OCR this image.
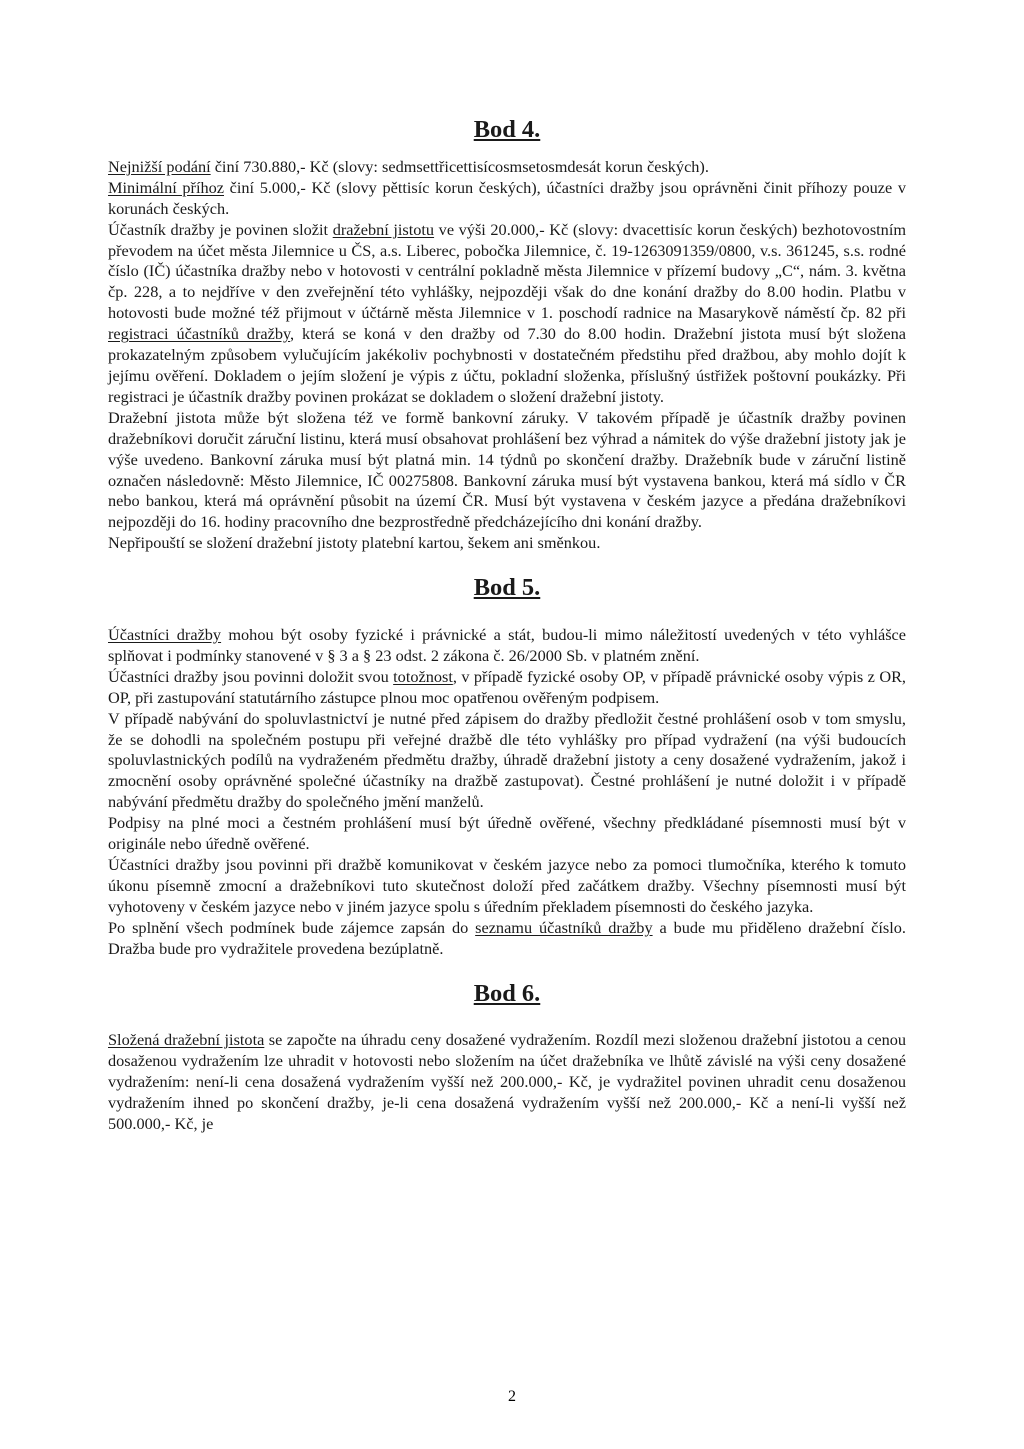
Bod 4.

Nejnižší podání činí 730.880,- Kč (slovy: sedmsettřicettisícosmsetosmdesát korun českých).

Minimální příhoz činí 5.000,- Kč (slovy pěttisíc korun českých), účastníci dražby jsou oprávněni činit příhozy pouze v korunách českých.

Účastník dražby je povinen složit dražební jistotu ve výši 20.000,- Kč (slovy: dvacettisíc korun českých) bezhotovostním převodem na účet města Jilemnice u ČS, a.s. Liberec, pobočka Jilemnice, č. 19-1263091359/0800, v.s. 361245, s.s. rodné číslo (IČ) účastníka dražby nebo v hotovosti v centrální pokladně města Jilemnice v přízemí budovy „C“, nám. 3. května čp. 228, a to nejdříve v den zveřejnění této vyhlášky, nejpozději však do dne konání dražby do 8.00 hodin. Platbu v hotovosti bude možné též přijmout v účtárně města Jilemnice v 1. poschodí radnice na Masarykově náměstí čp. 82 při registraci účastníků dražby, která se koná v den dražby od 7.30 do 8.00 hodin. Dražební jistota musí být složena prokazatelným způsobem vylučujícím jakékoliv pochybnosti v dostatečném předstihu před dražbou, aby mohlo dojít k jejímu ověření. Dokladem o jejím složení je výpis z účtu, pokladní složenka, příslušný ústřižek poštovní poukázky. Při registraci je účastník dražby povinen prokázat se dokladem o složení dražební jistoty.

Dražební jistota může být složena též ve formě bankovní záruky. V takovém případě je účastník dražby povinen dražebníkovi doručit záruční listinu, která musí obsahovat prohlášení bez výhrad a námitek do výše dražební jistoty jak je výše uvedeno. Bankovní záruka musí být platná min. 14 týdnů po skončení dražby. Dražebník bude v záruční listině označen následovně: Město Jilemnice, IČ 00275808. Bankovní záruka musí být vystavena bankou, která má sídlo v ČR nebo bankou, která má oprávnění působit na území ČR. Musí být vystavena v českém jazyce a předána dražebníkovi nejpozději do 16. hodiny pracovního dne bezprostředně předcházejícího dni konání dražby.

Nepřipouští se složení dražební jistoty platební kartou, šekem ani směnkou.

Bod 5.

Účastníci dražby mohou být osoby fyzické i právnické a stát, budou-li mimo náležitostí uvedených v této vyhlášce splňovat i podmínky stanovené v § 3 a § 23 odst. 2 zákona č. 26/2000 Sb. v platném znění.

Účastníci dražby jsou povinni doložit svou totožnost, v případě fyzické osoby OP, v případě právnické osoby výpis z OR, OP, při zastupování statutárního zástupce plnou moc opatřenou ověřeným podpisem.

V případě nabývání do spoluvlastnictví je nutné před zápisem do dražby předložit čestné prohlášení osob v tom smyslu, že se dohodli na společném postupu při veřejné dražbě dle této vyhlášky pro případ vydražení (na výši budoucích spoluvlastnických podílů na vydraženém předmětu dražby, úhradě dražební jistoty a ceny dosažené vydražením, jakož i zmocnění osoby oprávněné společné účastníky na dražbě zastupovat). Čestné prohlášení je nutné doložit i v případě nabývání předmětu dražby do společného jmění manželů.

Podpisy na plné moci a čestném prohlášení musí být úředně ověřené, všechny předkládané písemnosti musí být v originále nebo úředně ověřené.

Účastníci dražby jsou povinni při dražbě komunikovat v českém jazyce nebo za pomoci tlumočníka, kterého k tomuto úkonu písemně zmocní a dražebníkovi tuto skutečnost doloží před začátkem dražby. Všechny písemnosti musí být vyhotoveny v českém jazyce nebo v jiném jazyce spolu s úředním překladem písemnosti do českého jazyka.

Po splnění všech podmínek bude zájemce zapsán do seznamu účastníků dražby a bude mu přiděleno dražební číslo. Dražba bude pro vydražitele provedena bezúplatně.

Bod 6.

Složená dražební jistota se započte na úhradu ceny dosažené vydražením. Rozdíl mezi složenou dražební jistotou a cenou dosaženou vydražením lze uhradit v hotovosti nebo složením na účet dražebníka ve lhůtě závislé na výši ceny dosažené vydražením: není-li cena dosažená vydražením vyšší než 200.000,- Kč, je vydražitel povinen uhradit cenu dosaženou vydražením ihned po skončení dražby, je-li cena dosažená vydražením vyšší než 200.000,- Kč a není-li vyšší než 500.000,- Kč, je

2
